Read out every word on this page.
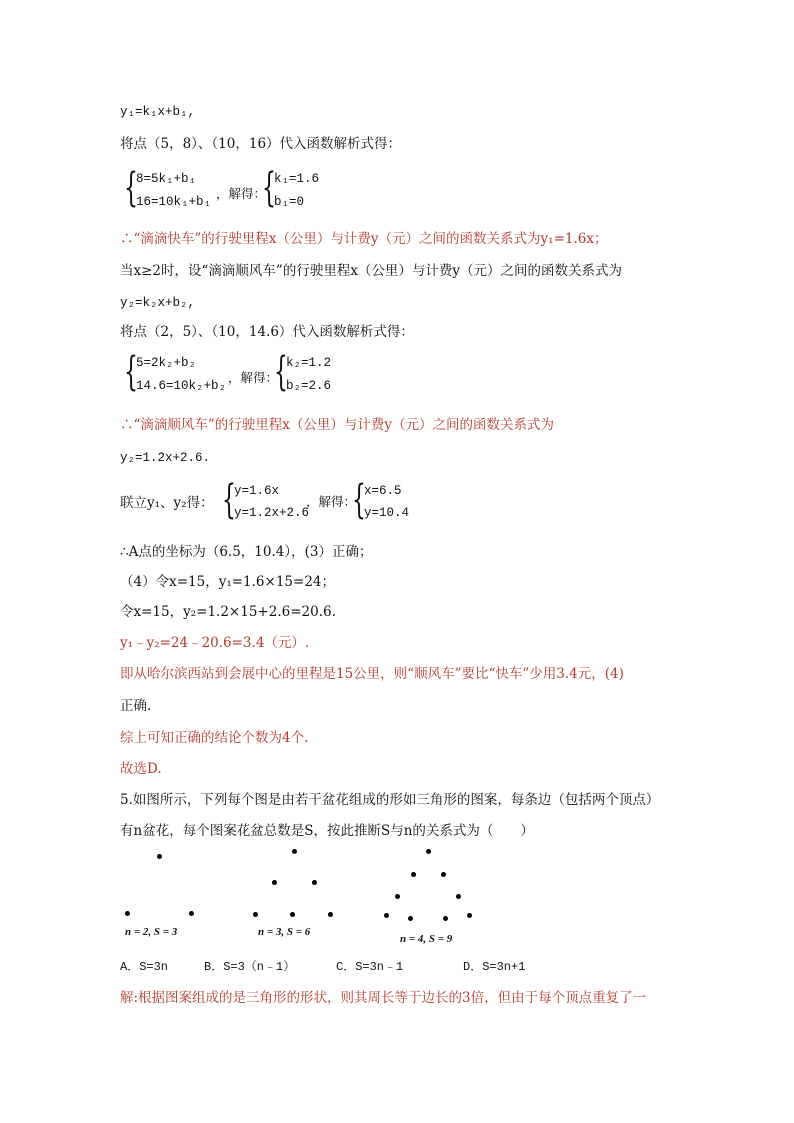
y₁=k₁x+b₁,
将点（5，8）、（10，16）代入函数解析式得：
{
8=5k₁+b₁
16=10k₁+b₁
，解得：
{
k₁=1.6
b₁=0
∴“滴滴快车”的行驶里程x（公里）与计费y（元）之间的函数关系式为y₁=1.6x；
当x≥2时，设“滴滴顺风车”的行驶里程x（公里）与计费y（元）之间的函数关系式为
y₂=k₂x+b₂,
将点（2，5）、（10，14.6）代入函数解析式得：
{
5=2k₂+b₂
14.6=10k₂+b₂
，解得：
{
k₂=1.2
b₂=2.6
∴“滴滴顺风车”的行驶里程x（公里）与计费y（元）之间的函数关系式为
y₂=1.2x+2.6.
联立y₁、y₂得： {
y=1.6x
y=1.2x+2.6
，解得：
{
x=6.5
y=10.4
∴A点的坐标为（6.5，10.4），(3）正确；
（4）令x=15，y₁=1.6×15=24；
令x=15，y₂=1.2×15+2.6=20.6.
y₁﹣y₂=24﹣20.6=3.4（元）.
即从哈尔滨西站到会展中心的里程是15公里，则“顺风车”要比“快车”少用3.4元，(4)
正确.
综上可知正确的结论个数为4个.
故选D.
5.如图所示，下列每个图是由若干盆花组成的形如三角形的图案，每条边（包括两个顶点）
有n盆花，每个图案花盆总数是S，按此推断S与n的关系式为（　　）
n = 2, S = 3	n = 3, S = 6
n = 4, S = 9
A．S=3n	B．S=3（n﹣1）	C．S=3n﹣1	D．S=3n+1
解:根据图案组成的是三角形的形状，则其周长等于边长的3倍，但由于每个顶点重复了一
